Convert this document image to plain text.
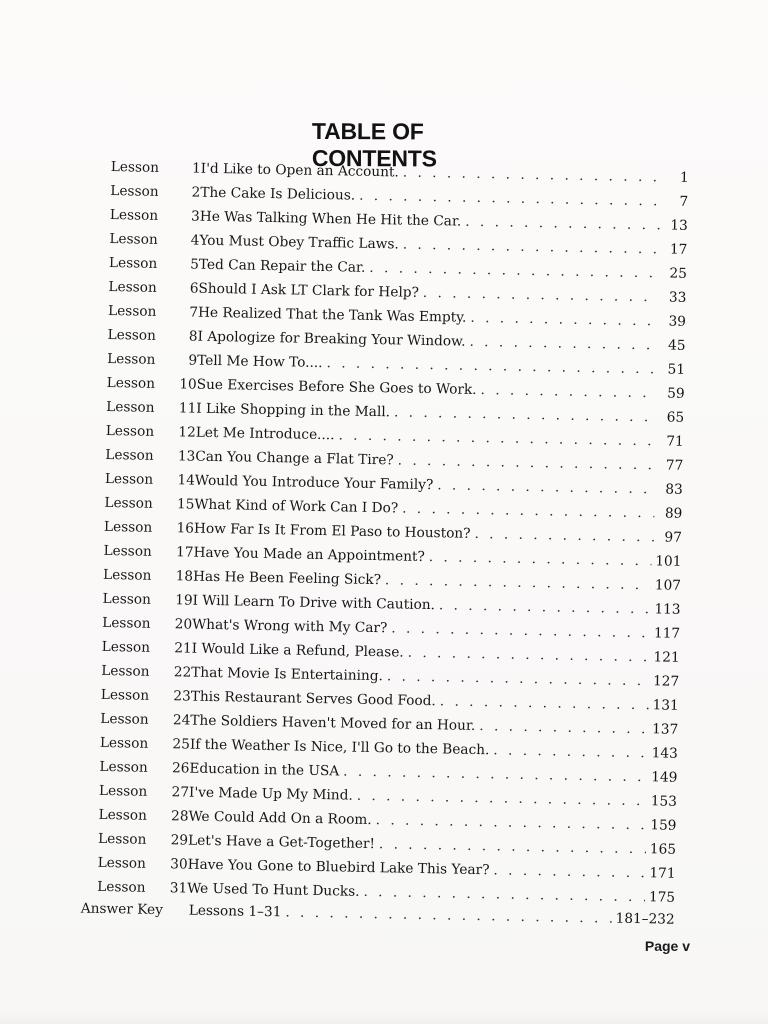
TABLE OF CONTENTS
Lesson	1 I'd Like to Open an Account. . . .	1
Lesson	2 The Cake Is Delicious. . . .	7
Lesson	3 He Was Talking When He Hit the Car. . . .	13
Lesson	4 You Must Obey Traffic Laws. . . .	17
Lesson	5 Ted Can Repair the Car. . . .	25
Lesson	6 Should I Ask LT Clark for Help? . . .	33
Lesson	7 He Realized That the Tank Was Empty. . . .	39
Lesson	8 I Apologize for Breaking Your Window. . . .	45
Lesson	9 Tell Me How To.... . . .	51
Lesson 10 Sue Exercises Before She Goes to Work. . . .	59
Lesson 11 I Like Shopping in the Mall. . . .	65
Lesson 12 Let Me Introduce.... . . .	71
Lesson 13 Can You Change a Flat Tire? . . .	77
Lesson 14 Would You Introduce Your Family? . . .	83
Lesson 15 What Kind of Work Can I Do? . . .	89
Lesson 16 How Far Is It From El Paso to Houston? . . .	97
Lesson 17 Have You Made an Appointment? . . .	101
Lesson 18 Has He Been Feeling Sick? . . .	107
Lesson 19 I Will Learn To Drive with Caution. . . .	113
Lesson 20 What's Wrong with My Car? . . .	117
Lesson 21 I Would Like a Refund, Please. . . .	121
Lesson 22 That Movie Is Entertaining. . . .	127
Lesson 23 This Restaurant Serves Good Food. . . .	131
Lesson 24 The Soldiers Haven't Moved for an Hour. . . .	137
Lesson 25 If the Weather Is Nice, I'll Go to the Beach. . . .	143
Lesson 26 Education in the USA . . .	149
Lesson 27 I've Made Up My Mind. . . .	153
Lesson 28 We Could Add On a Room. . . .	159
Lesson 29 Let's Have a Get-Together! . . .	165
Lesson 30 Have You Gone to Bluebird Lake This Year? . . .	171
Lesson 31 We Used To Hunt Ducks. . . .	175
Answer Key	Lessons 1–31 . . .	181–232

Page v
